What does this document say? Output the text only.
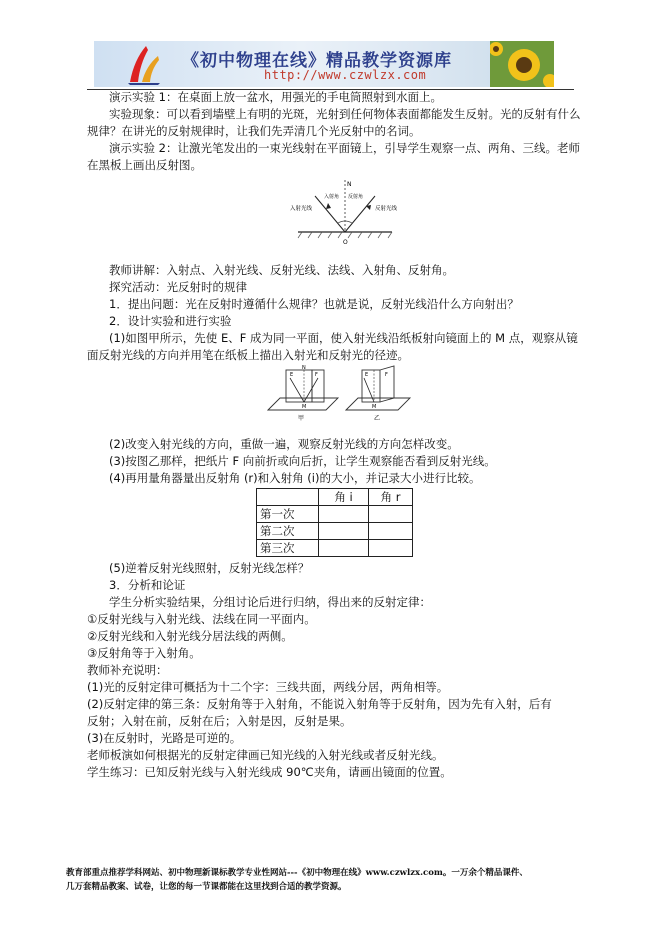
《初中物理在线》精品教学资源库
http://www.czwlzx.com
演示实验 1：在桌面上放一盆水，用强光的手电筒照射到水面上。
实验现象：可以看到墙壁上有明的光斑，光射到任何物体表面都能发生反射。光的反射有什么
规律？在讲光的反射规律时，让我们先弄清几个光反射中的名词。
演示实验 2：让激光笔发出的一束光线射在平面镜上，引导学生观察一点、两角、三线。老师
在黑板上画出反射图。
N
入射光线	反射光线
入射角 反射角
O
教师讲解：入射点、入射光线、反射光线、法线、入射角、反射角。
探究活动：光反射时的规律
1．提出问题：光在反射时遵循什么规律？也就是说，反射光线沿什么方向射出？
2．设计实验和进行实验
(1)如图甲所示，先使 E、F 成为同一平面，使入射光线沿纸板射向镜面上的 M 点，观察从镜
面反射光线的方向并用笔在纸板上描出入射光和反射光的径迹。
E	F
N
M
甲
E	F
M
乙
(2)改变入射光线的方向，重做一遍，观察反射光线的方向怎样改变。
(3)按图乙那样，把纸片 F 向前折或向后折，让学生观察能否看到反射光线。
(4)再用量角器量出反射角 (r)和入射角 (i)的大小，并记录大小进行比较。
	角 i	角 r
第一次		
第二次		
第三次		
(5)逆着反射光线照射，反射光线怎样？
3．分析和论证
学生分析实验结果，分组讨论后进行归纳，得出来的反射定律：
①反射光线与入射光线、法线在同一平面内。
②反射光线和入射光线分居法线的两侧。
③反射角等于入射角。
教师补充说明：
(1)光的反射定律可概括为十二个字：三线共面，两线分居，两角相等。
(2)反射定律的第三条：反射角等于入射角，不能说入射角等于反射角，因为先有入射，后有
反射；入射在前，反射在后；入射是因，反射是果。
(3)在反射时，光路是可逆的。
老师板演如何根据光的反射定律画已知光线的入射光线或者反射光线。
学生练习：已知反射光线与入射光线成 90℃夹角，请画出镜面的位置。
教育部重点推荐学科网站、初中物理新课标教学专业性网站---《初中物理在线》www.czwlzx.com。一万余个精品课件、
几万套精品教案、试卷，让您的每一节课都能在这里找到合适的教学资源。
